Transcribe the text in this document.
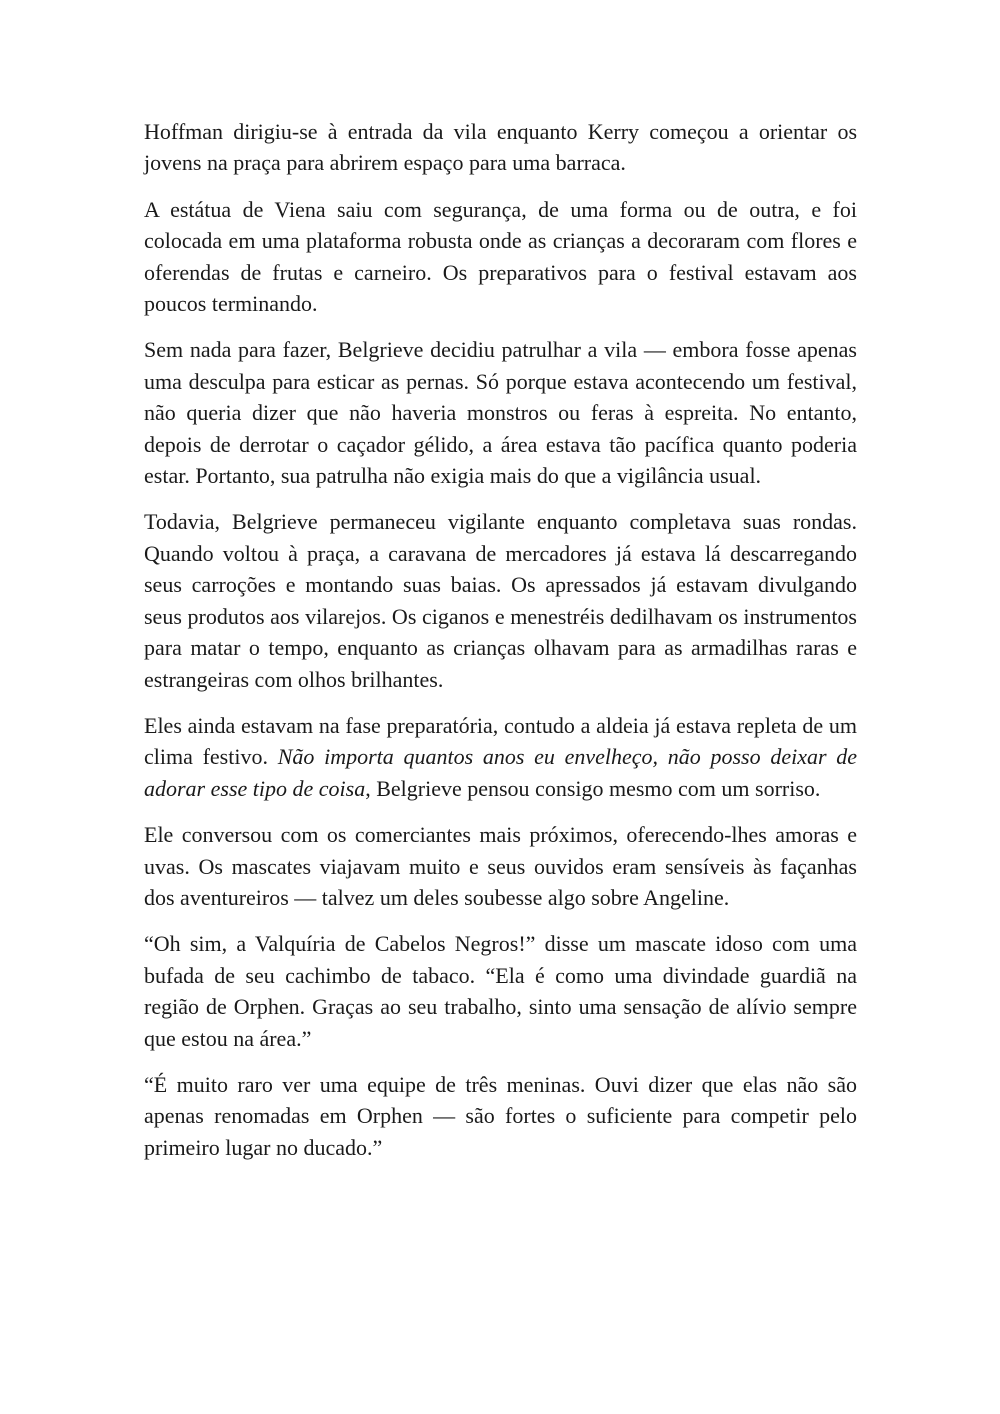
Hoffman dirigiu-se à entrada da vila enquanto Kerry começou a orientar os jovens na praça para abrirem espaço para uma barraca.

A estátua de Viena saiu com segurança, de uma forma ou de outra, e foi colocada em uma plataforma robusta onde as crianças a decoraram com flores e oferendas de frutas e carneiro. Os preparativos para o festival estavam aos poucos terminando.

Sem nada para fazer, Belgrieve decidiu patrulhar a vila — embora fosse apenas uma desculpa para esticar as pernas. Só porque estava acontecendo um festival, não queria dizer que não haveria monstros ou feras à espreita. No entanto, depois de derrotar o caçador gélido, a área estava tão pacífica quanto poderia estar. Portanto, sua patrulha não exigia mais do que a vigilância usual.

Todavia, Belgrieve permaneceu vigilante enquanto completava suas rondas. Quando voltou à praça, a caravana de mercadores já estava lá descarregando seus carroções e montando suas baias. Os apressados já estavam divulgando seus produtos aos vilarejos. Os ciganos e menestréis dedilhavam os instrumentos para matar o tempo, enquanto as crianças olhavam para as armadilhas raras e estrangeiras com olhos brilhantes.

Eles ainda estavam na fase preparatória, contudo a aldeia já estava repleta de um clima festivo. Não importa quantos anos eu envelheço, não posso deixar de adorar esse tipo de coisa, Belgrieve pensou consigo mesmo com um sorriso.

Ele conversou com os comerciantes mais próximos, oferecendo-lhes amoras e uvas. Os mascates viajavam muito e seus ouvidos eram sensíveis às façanhas dos aventureiros — talvez um deles soubesse algo sobre Angeline.

“Oh sim, a Valquíria de Cabelos Negros!” disse um mascate idoso com uma bufada de seu cachimbo de tabaco. “Ela é como uma divindade guardiã na região de Orphen. Graças ao seu trabalho, sinto uma sensação de alívio sempre que estou na área.”

“É muito raro ver uma equipe de três meninas. Ouvi dizer que elas não são apenas renomadas em Orphen — são fortes o suficiente para competir pelo primeiro lugar no ducado.”
